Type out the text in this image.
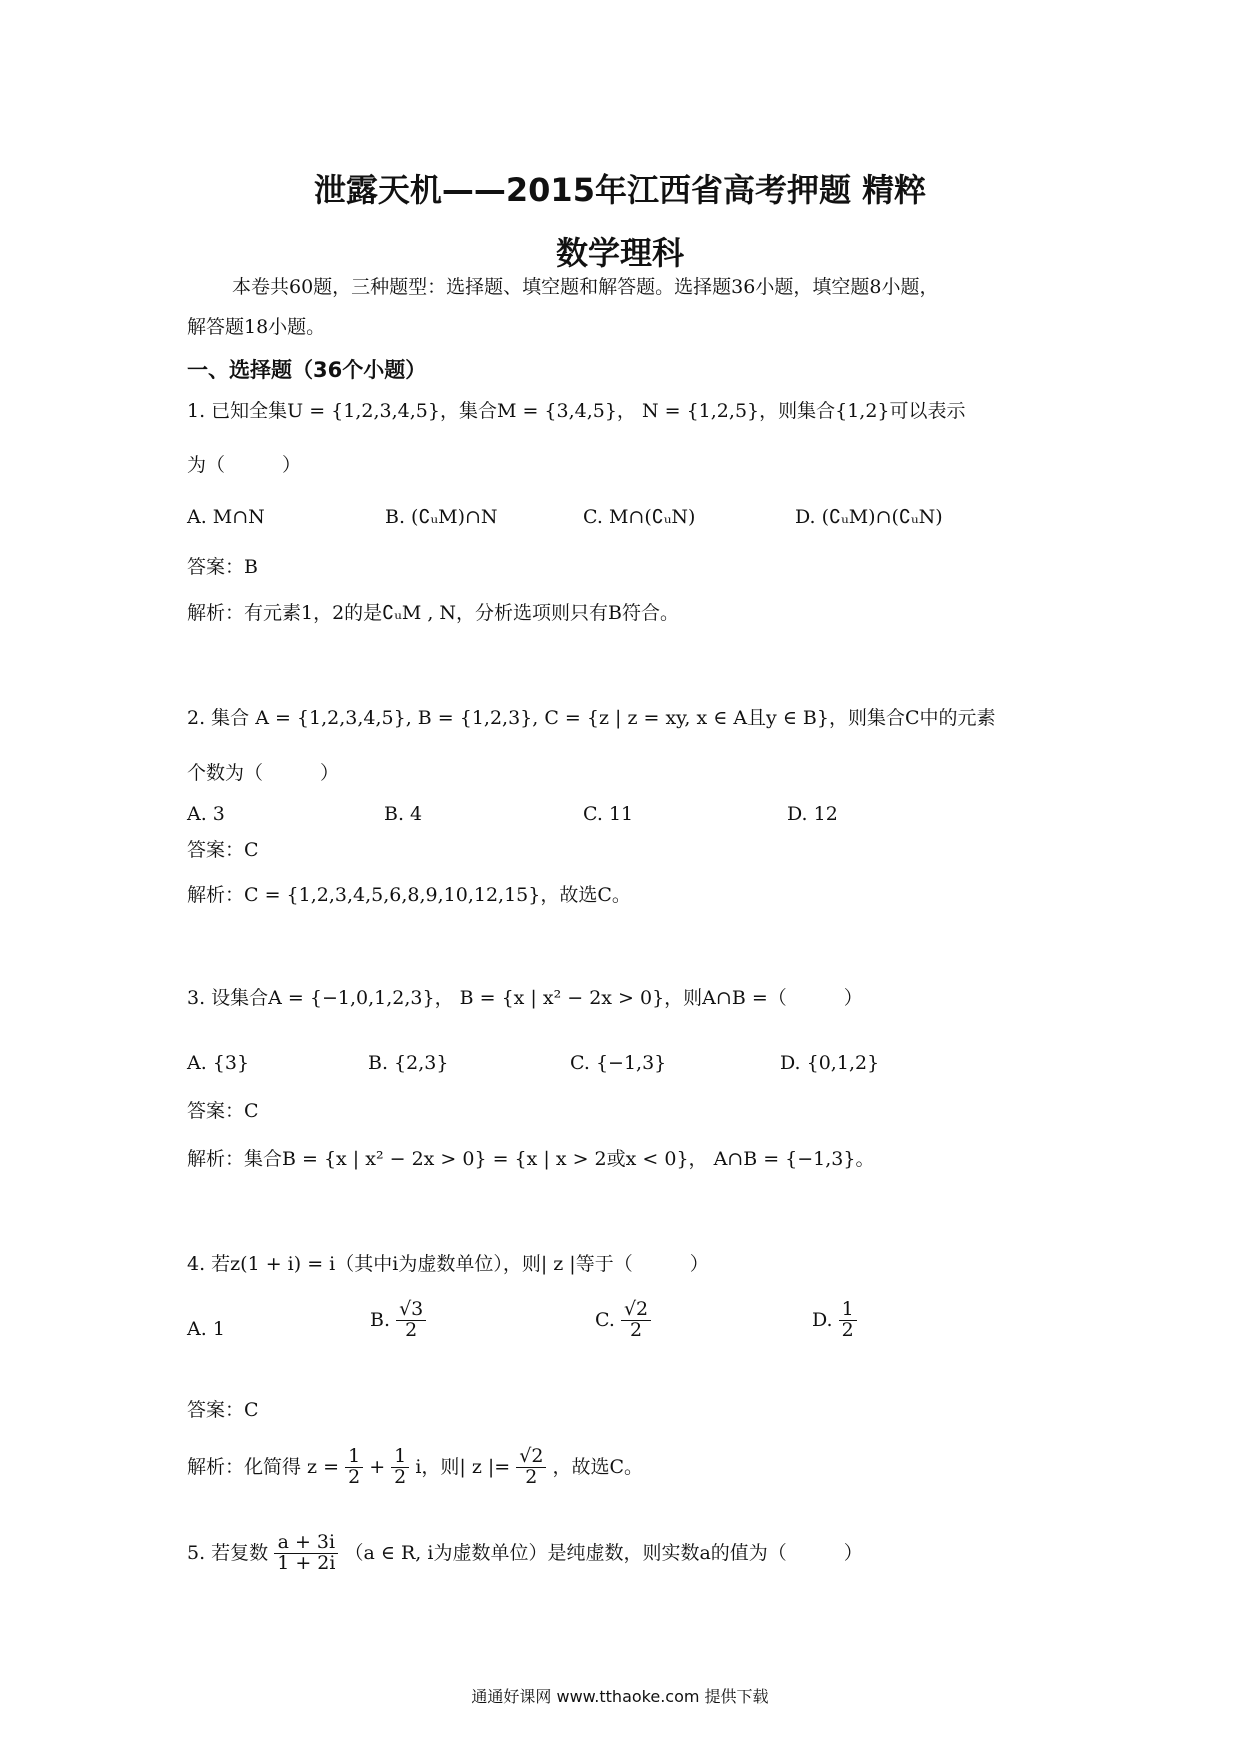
泄露天机——2015年江西省高考押题 精粹
数学理科
本卷共60题，三种题型：选择题、填空题和解答题。选择题36小题，填空题8小题，
解答题18小题。
一、选择题（36个小题）
1. 已知全集U = {1,2,3,4,5}，集合M = {3,4,5}， N = {1,2,5}，则集合{1,2}可以表示
为（　　　）
A. M∩N	B. (∁ᵤM)∩N	C. M∩(∁ᵤN)	D. (∁ᵤM)∩(∁ᵤN)
答案：B
解析：有元素1，2的是∁ᵤM , N，分析选项则只有B符合。
2. 集合 A = {1,2,3,4,5}, B = {1,2,3}, C = {z | z = xy, x ∈ A且y ∈ B}，则集合C中的元素
个数为（　　　）
A. 3	B. 4	C. 11	D. 12
答案：C
解析：C = {1,2,3,4,5,6,8,9,10,12,15}，故选C。
3. 设集合A = {−1,0,1,2,3}， B = {x | x² − 2x > 0}，则A∩B =（　　　）
A. {3}	B. {2,3}	C. {−1,3}	D. {0,1,2}
答案：C
解析：集合B = {x | x² − 2x > 0} = {x | x > 2或x < 0}， A∩B = {−1,3}。
4. 若z(1 + i) = i（其中i为虚数单位），则| z |等于（　　　）
A. 1	B. $\frac{√3}{2}$	C. $\frac{√2}{2}$	D. $\frac{1}{2}$
答案：C
解析：化简得 $z = \frac{1}{2} + \frac{1}{2}$ i，则| z |= $\frac{√2}{2}$ ，故选C。
5. 若复数 $\frac{a + 3i}{1 + 2i} (a$ ∈ R, i为虚数单位）是纯虚数，则实数a的值为（　　　）
通通好课网 www.tthaoke.com 提供下载
